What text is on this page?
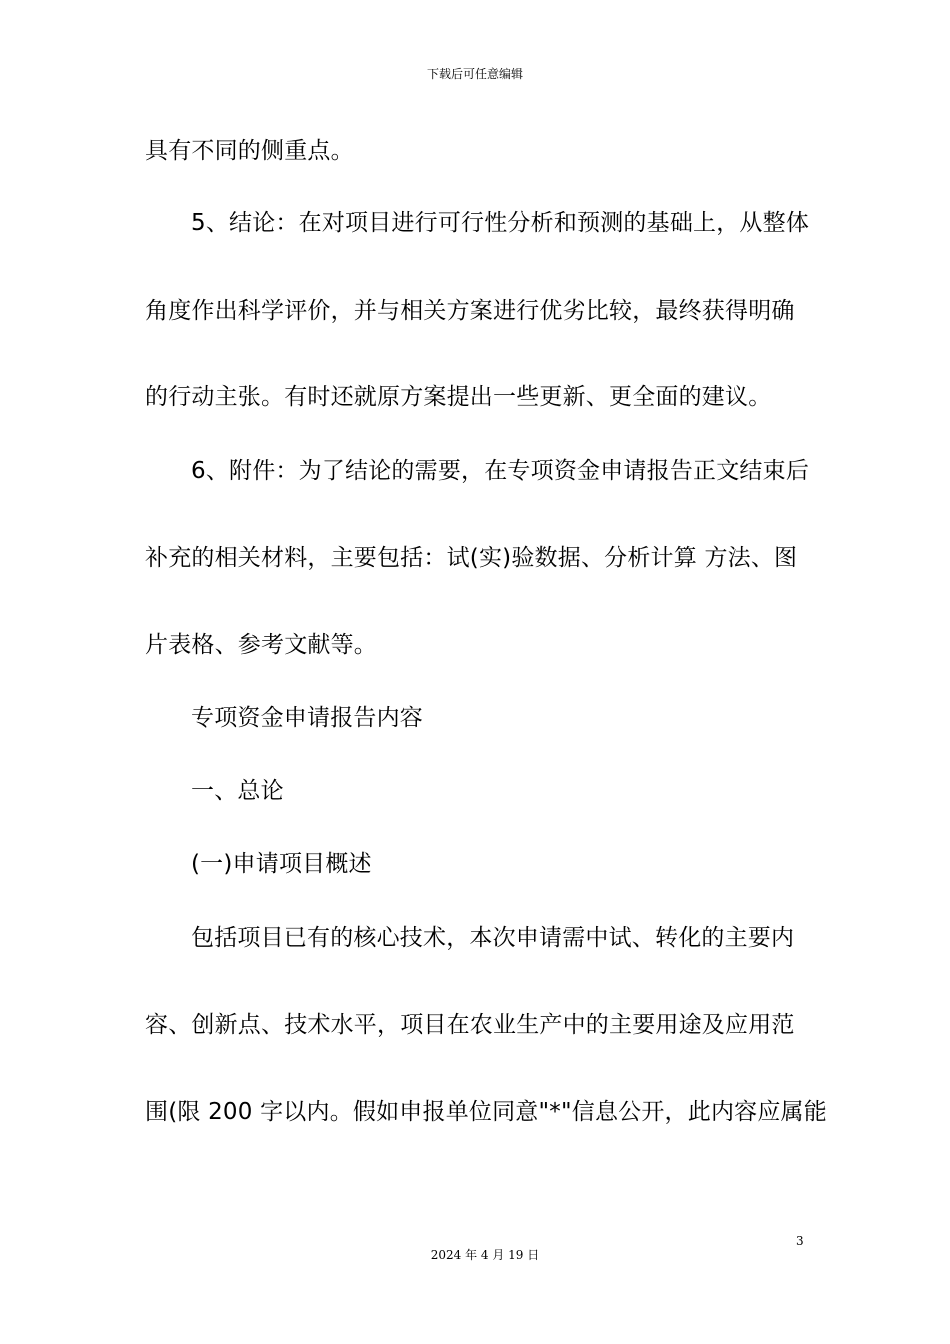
下载后可任意编辑
具有不同的侧重点。
5、结论：在对项目进行可行性分析和预测的基础上，从整体
角度作出科学评价，并与相关方案进行优劣比较，最终获得明确
的行动主张。有时还就原方案提出一些更新、更全面的建议。
6、附件：为了结论的需要，在专项资金申请报告正文结束后
补充的相关材料，主要包括：试(实)验数据、分析计算 方法、图
片表格、参考文献等。
专项资金申请报告内容
一、总论
(一)申请项目概述
包括项目已有的核心技术，本次申请需中试、转化的主要内
容、创新点、技术水平，项目在农业生产中的主要用途及应用范
围(限 200 字以内。假如申报单位同意"*"信息公开，此内容应属能
3
2024 年 4 月 19 日
